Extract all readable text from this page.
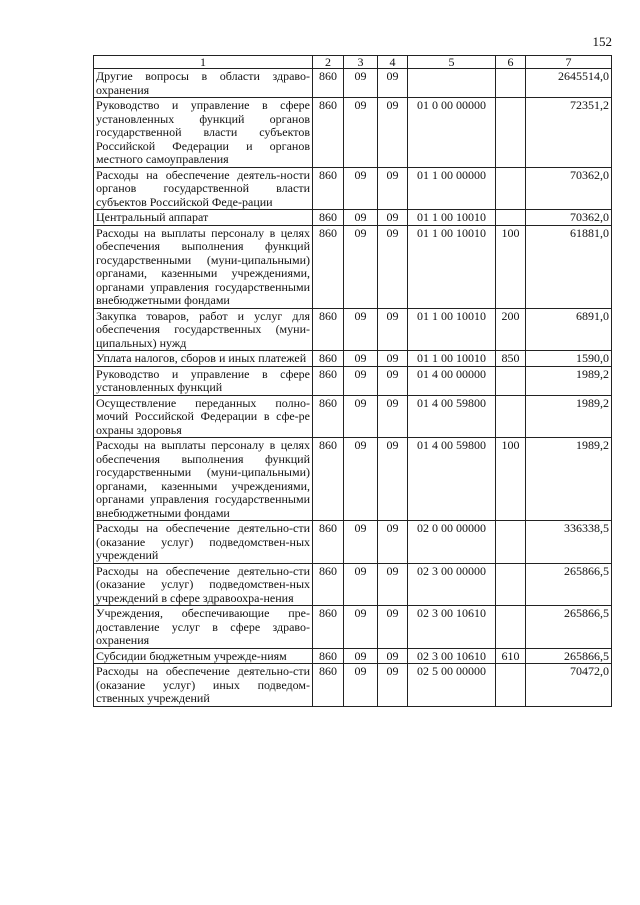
152
1	2	3	4	5	6	7
Другие вопросы в области здраво-охранения	860	09	09			2645514,0
Руководство и управление в сфере установленных функций органов государственной власти субъектов Российской Федерации и органов местного самоуправления	860	09	09	01 0 00 00000		72351,2
Расходы на обеспечение деятель-ности органов государственной власти субъектов Российской Феде-рации	860	09	09	01 1 00 00000		70362,0
Центральный аппарат	860	09	09	01 1 00 10010		70362,0
Расходы на выплаты персоналу в целях обеспечения выполнения функций государственными (муни-ципальными) органами, казенными учреждениями, органами управления государственными внебюджетными фондами	860	09	09	01 1 00 10010	100	61881,0
Закупка товаров, работ и услуг для обеспечения государственных (муни-ципальных) нужд	860	09	09	01 1 00 10010	200	6891,0
Уплата налогов, сборов и иных платежей	860	09	09	01 1 00 10010	850	1590,0
Руководство и управление в сфере установленных функций	860	09	09	01 4 00 00000		1989,2
Осуществление переданных полно-мочий Российской Федерации в сфе-ре охраны здоровья	860	09	09	01 4 00 59800		1989,2
Расходы на выплаты персоналу в целях обеспечения выполнения функций государственными (муни-ципальными) органами, казенными учреждениями, органами управления государственными внебюджетными фондами	860	09	09	01 4 00 59800	100	1989,2
Расходы на обеспечение деятельно-сти (оказание услуг) подведомствен-ных учреждений	860	09	09	02 0 00 00000		336338,5
Расходы на обеспечение деятельно-сти (оказание услуг) подведомствен-ных учреждений в сфере здравоохра-нения	860	09	09	02 3 00 00000		265866,5
Учреждения, обеспечивающие пре-доставление услуг в сфере здраво-охранения	860	09	09	02 3 00 10610		265866,5
Субсидии бюджетным учрежде-ниям	860	09	09	02 3 00 10610	610	265866,5
Расходы на обеспечение деятельно-сти (оказание услуг) иных подведом-ственных учреждений	860	09	09	02 5 00 00000		70472,0
